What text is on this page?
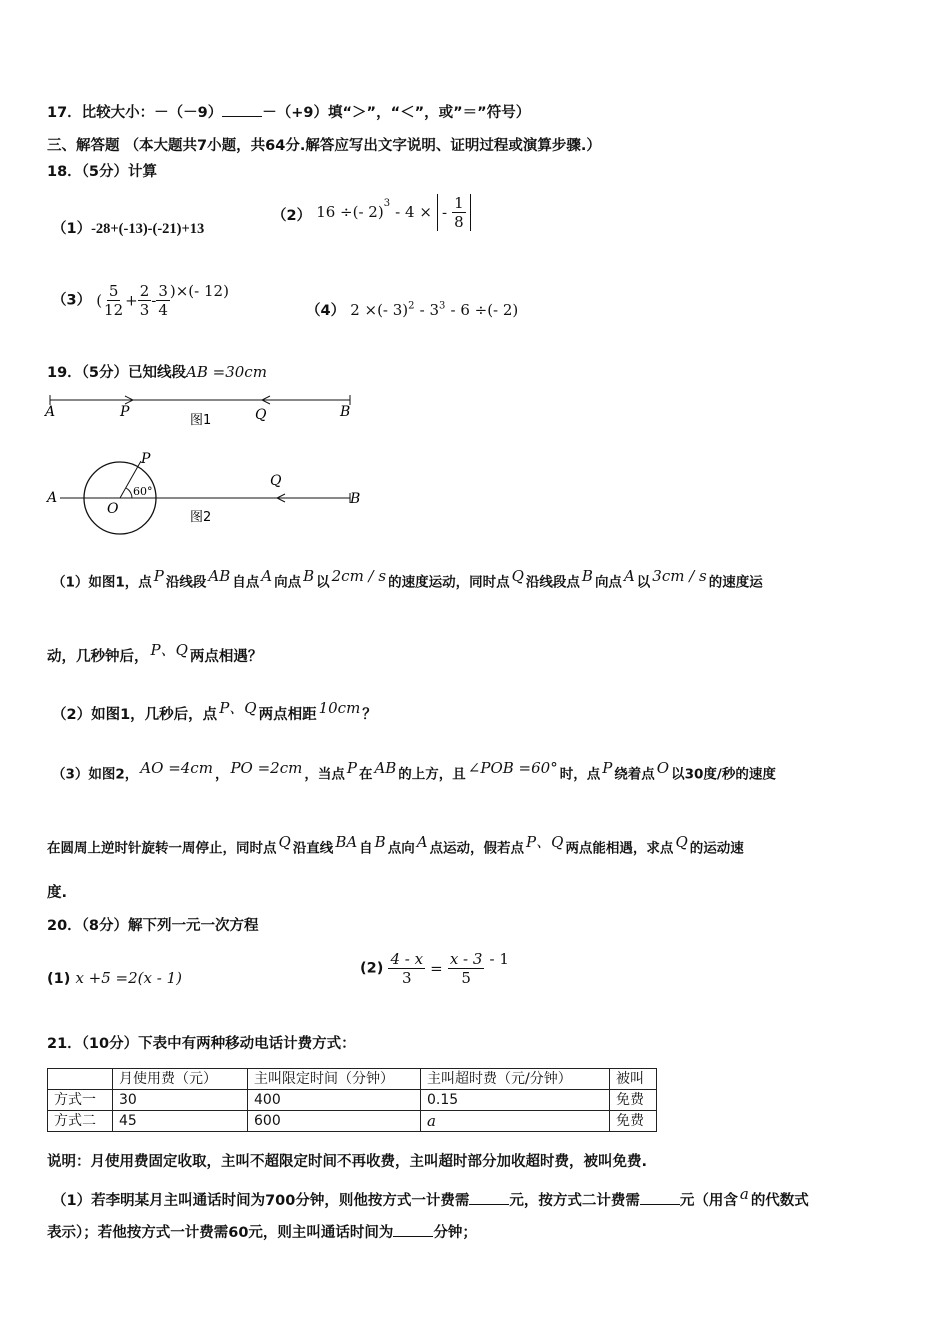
17．比较大小：－（－9）	－（+9）填“＞”，“＜”，或”＝”符号）
三、解答题 （本大题共7小题，共64分.解答应写出文字说明、证明过程或演算步骤.）
18．（5分）计算
（1）-28+(-13)-(-21)+13
（2） 16 ÷(- 2)$^3$ - 4 × - $\frac{1}{8}$
（3） ( $\frac{5}{12} + \frac{2}{3} - \frac{3}{4}$ )×(- 12)
（4） 2 ×(- $3)^2 - 3^3 - 6$ ÷(- 2)
19．（5分）已知线段AB =30cm
A	P	Q	B
图1
A
P
O
60°
Q
B
图2
（1）如图1，点 $^P$ 沿线段 $^{AB}$ 自点 $^A$ 向点 $^B$ 以 $^{2cm / s}$ 的速度运动，同时点 $^Q$ 沿线段点 $^B$ 向点 $^A$ 以 $^{3cm / s}$ 的速度运
动，几秒钟后， $^{P、Q}$ 两点相遇？
（2）如图1，几秒后，点 $^{P、Q}$ 两点相距 $^{10cm}$ ？
（3）如图2， $^{AO =4cm}$ ， $^{PO =2cm}$ ，当点 $^P$ 在 $^{AB}$ 的上方，且 $^{\angle POB =60^\circ}$ 时，点 $^P$ 绕着点 $^O$ 以30度/秒的速度
在圆周上逆时针旋转一周停止，同时点 $^Q$ 沿直线 $^{BA}$ 自 $^B$ 点向 $^A$ 点运动，假若点 $^{P、Q}$ 两点能相遇，求点 $^Q$ 的运动速
度.
20．（8分）解下列一元一次方程
(1) x +5 =2(x - 1)
$(2) \frac{4 - x}{3} = \frac{x - 3}{5} - 1$
21．（10分）下表中有两种移动电话计费方式：
	月使用费（元）	主叫限定时间（分钟）	主叫超时费（元/分钟）	被叫
方式一	30	400	0.15	免费
方式二	45	600	a	免费
说明：月使用费固定收取，主叫不超限定时间不再收费，主叫超时部分加收超时费，被叫免费.
（1）若李明某月主叫通话时间为700分钟，则他按方式一计费需	元，按方式二计费需	元（用含 $^a$ 的代数式
表示）；若他按方式一计费需60元，则主叫通话时间为	分钟；
